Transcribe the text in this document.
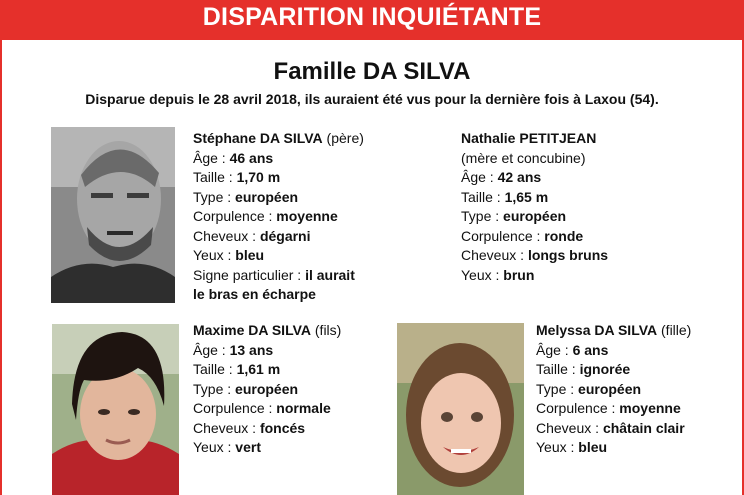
DISPARITION INQUIÉTANTE
Famille DA SILVA
Disparue depuis le 28 avril 2018, ils auraient été vus pour la dernière fois à Laxou (54).
Stéphane DA SILVA (père)
Âge : 46 ans
Taille : 1,70 m
Type : européen
Corpulence : moyenne
Cheveux : dégarni
Yeux : bleu
Signe particulier : il aurait
le bras en écharpe
Nathalie PETITJEAN
(mère et concubine)
Âge : 42 ans
Taille : 1,65 m
Type : européen
Corpulence : ronde
Cheveux : longs bruns
Yeux : brun
Maxime DA SILVA (fils)
Âge : 13 ans
Taille : 1,61 m
Type : européen
Corpulence : normale
Cheveux : foncés
Yeux : vert
Melyssa DA SILVA (fille)
Âge : 6 ans
Taille : ignorée
Type : européen
Corpulence : moyenne
Cheveux : châtain clair
Yeux : bleu
